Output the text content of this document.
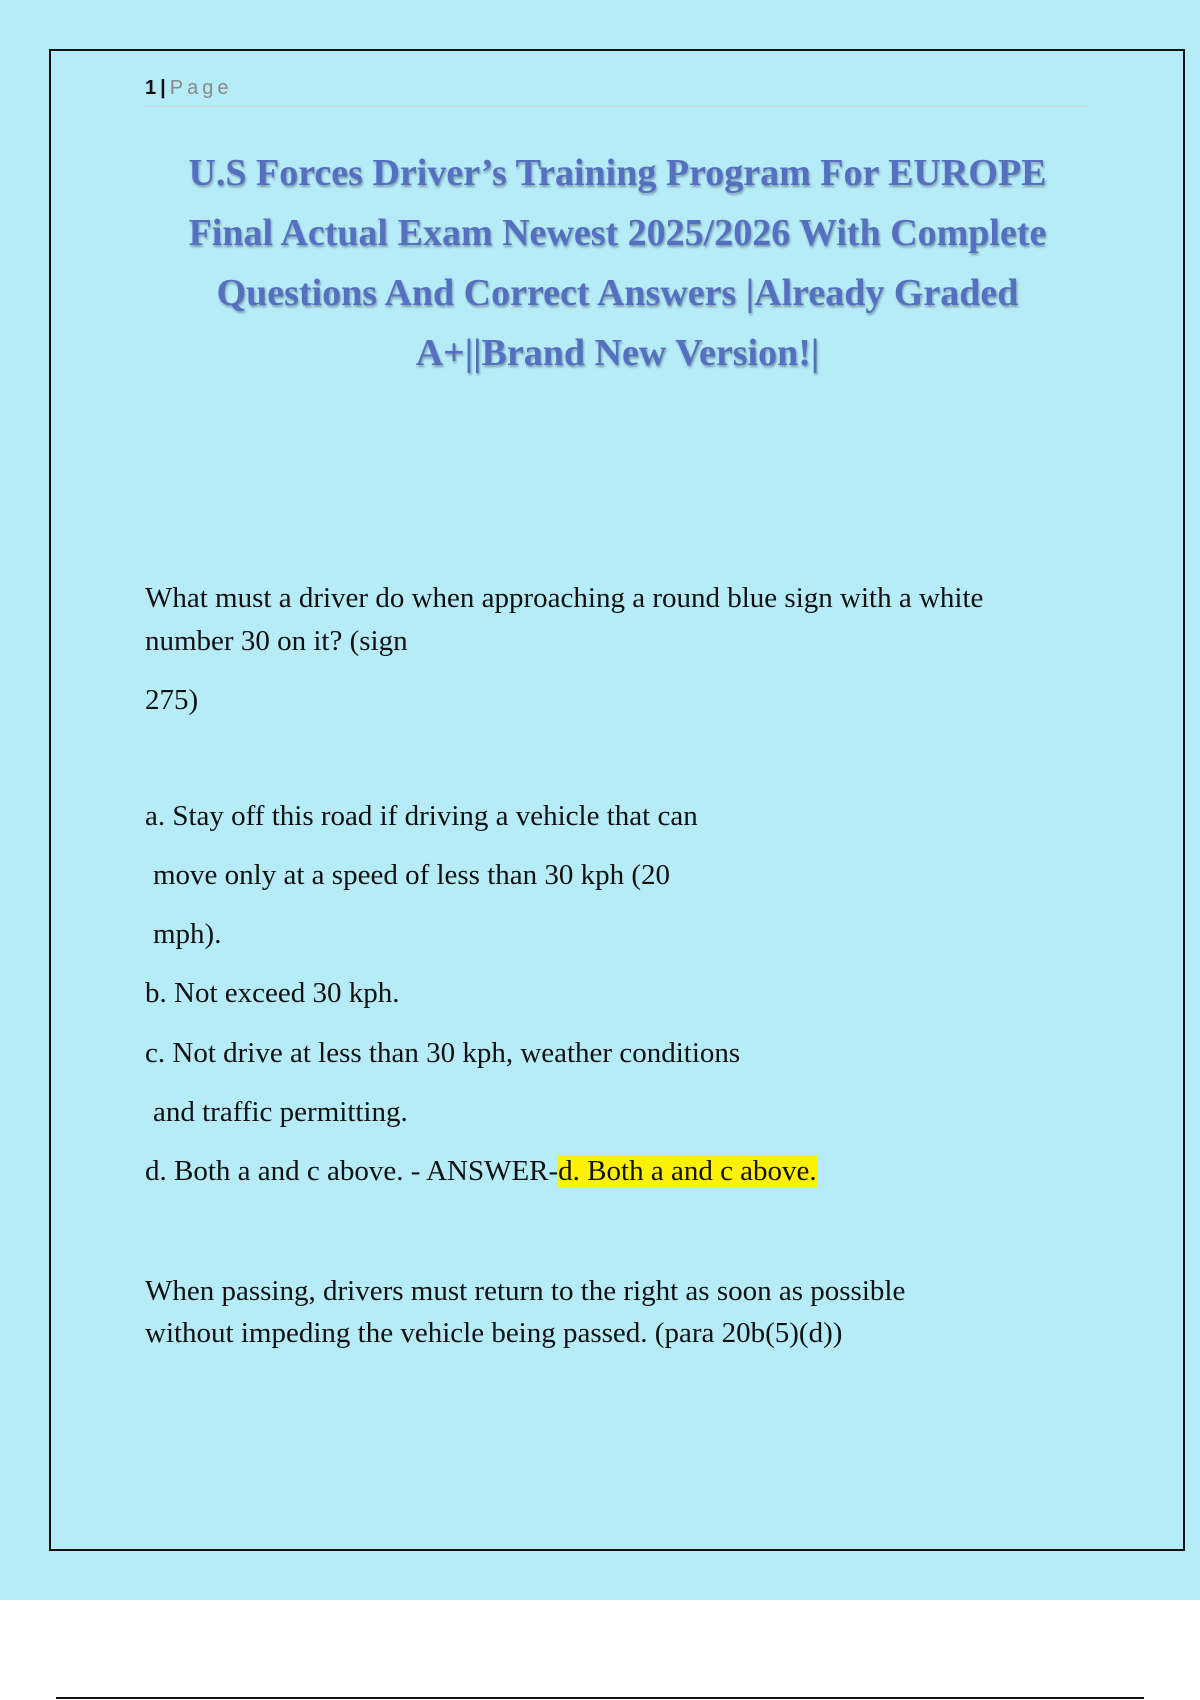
1 | Page
U.S Forces Driver’s Training Program For EUROPE
Final Actual Exam Newest 2025/2026 With Complete
Questions And Correct Answers |Already Graded
A+||Brand New Version!|
What must a driver do when approaching a round blue sign with a white
number 30 on it? (sign
275)
a. Stay off this road if driving a vehicle that can
move only at a speed of less than 30 kph (20
mph).
b. Not exceed 30 kph.
c. Not drive at less than 30 kph, weather conditions
and traffic permitting.
d. Both a and c above. - ANSWER-d. Both a and c above.
When passing, drivers must return to the right as soon as possible
without impeding the vehicle being passed. (para 20b(5)(d))
